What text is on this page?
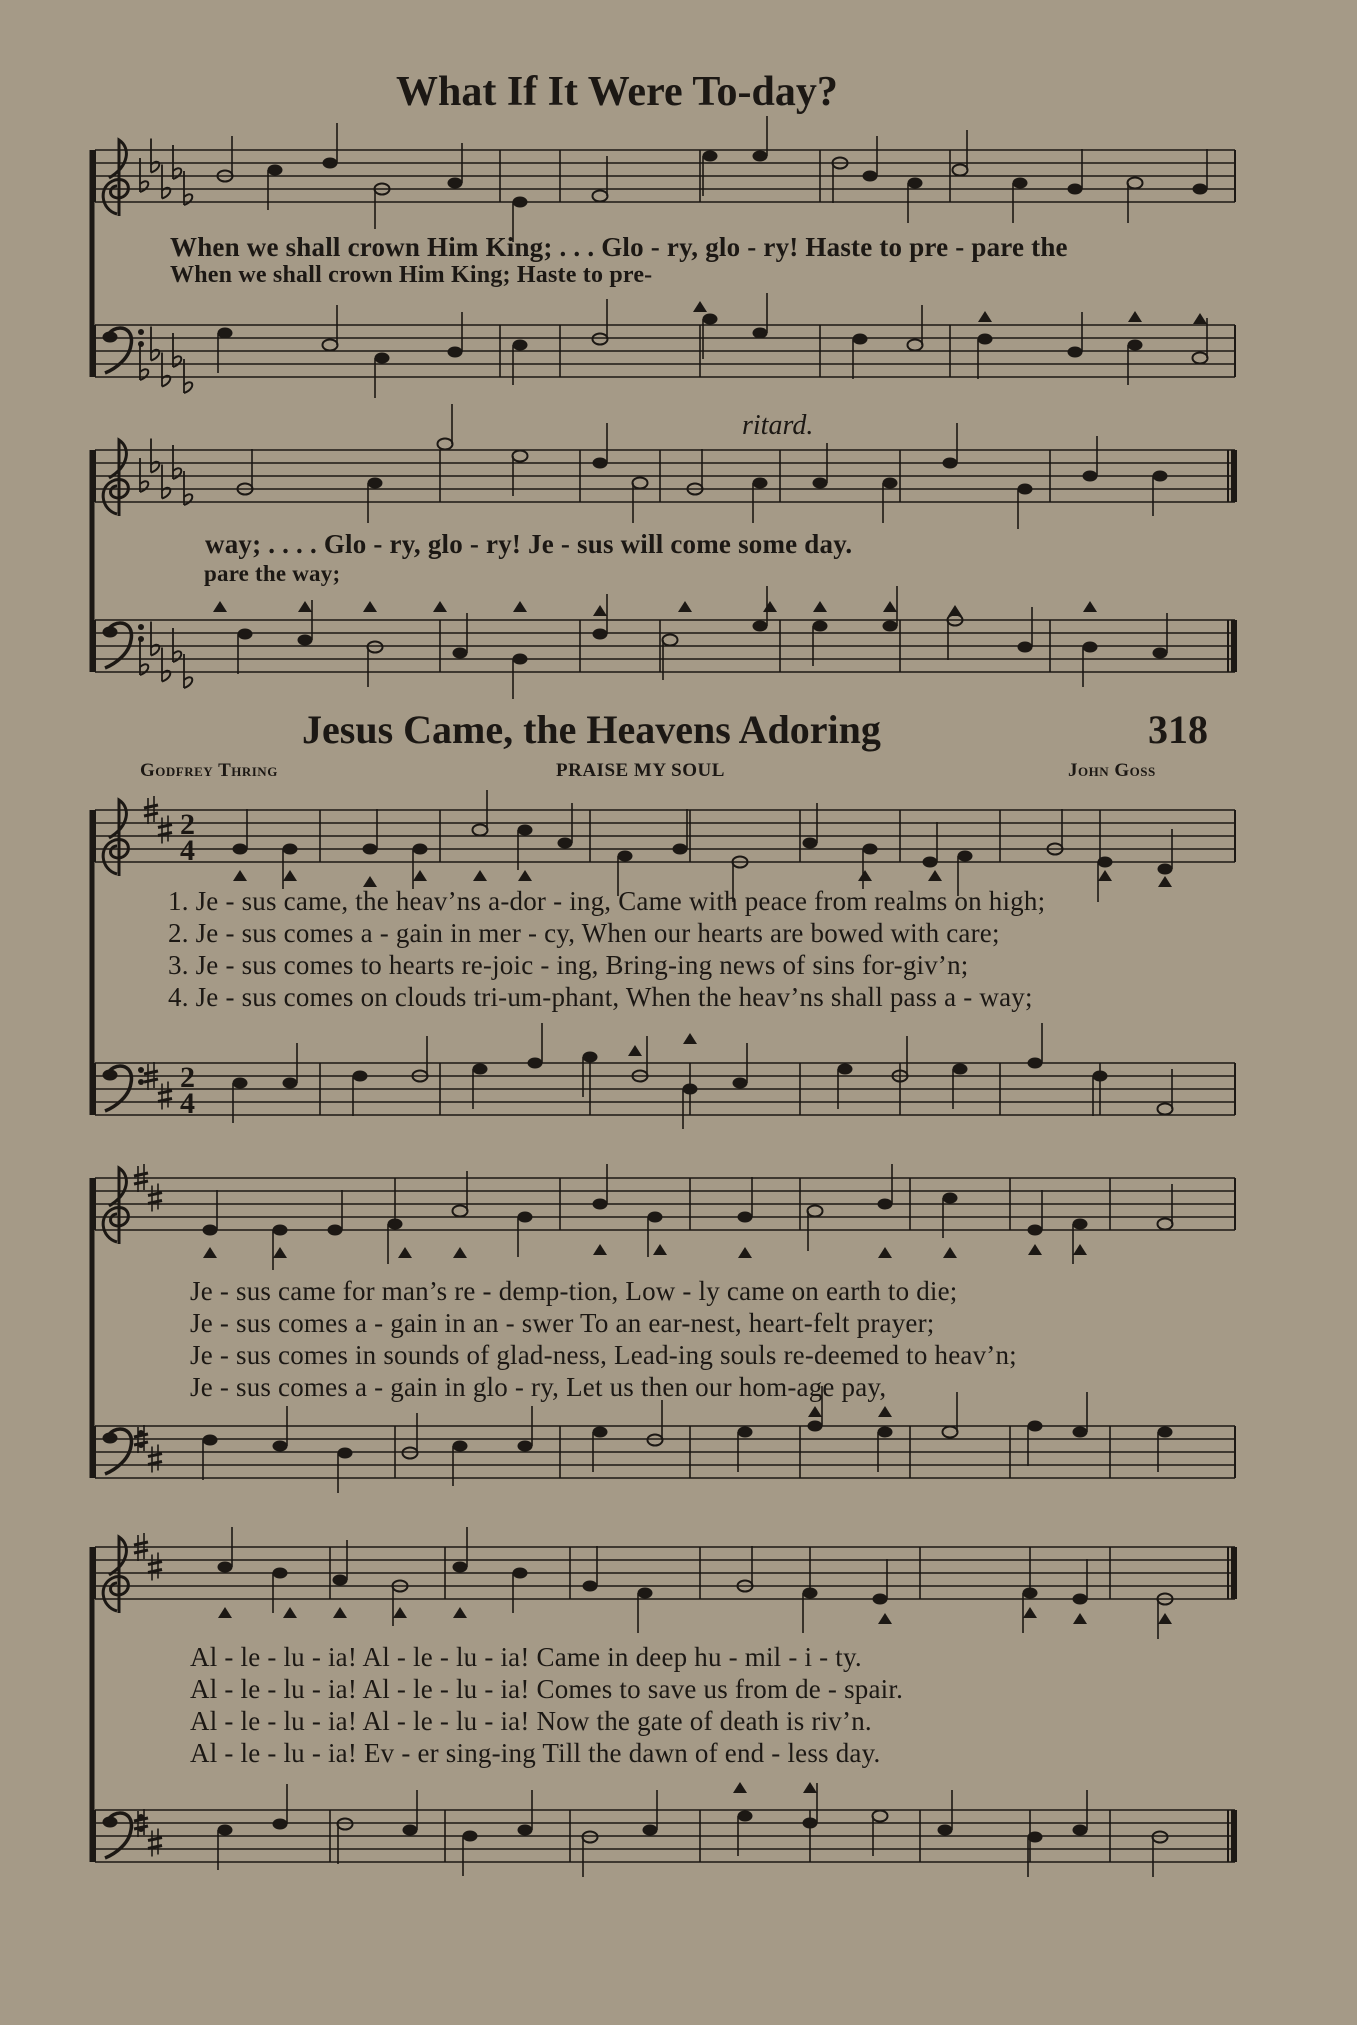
2
4
2
4
What If It Were To-day?
When we shall crown Him King; . . . Glo - ry, glo - ry! Haste to pre - pare the
When we shall crown Him King; Haste to pre-
ritard.
way; . . . . Glo - ry, glo - ry! Je - sus will come some day.
pare the way;
Jesus Came, the Heavens Adoring	318
Godfrey Thring	PRAISE MY SOUL	John Goss
1. Je - sus came, the heav’ns a-dor - ing, Came with peace from realms on high;
2. Je - sus comes a - gain in mer - cy, When our hearts are bowed with care;
3. Je - sus comes to hearts re-joic - ing, Bring-ing news of sins for-giv’n;
4. Je - sus comes on clouds tri-um-phant, When the heav’ns shall pass a - way;
Je - sus came for man’s re - demp-tion, Low - ly came on earth to die;
Je - sus comes a - gain in an - swer To an ear-nest, heart-felt prayer;
Je - sus comes in sounds of glad-ness, Lead-ing souls re-deemed to heav’n;
Je - sus comes a - gain in glo - ry, Let us then our hom-age pay,
Al - le - lu - ia! Al - le - lu - ia! Came in deep hu - mil - i - ty.
Al - le - lu - ia! Al - le - lu - ia! Comes to save us from de - spair.
Al - le - lu - ia! Al - le - lu - ia! Now the gate of death is riv’n.
Al - le - lu - ia! Ev - er sing-ing Till the dawn of end - less day.
